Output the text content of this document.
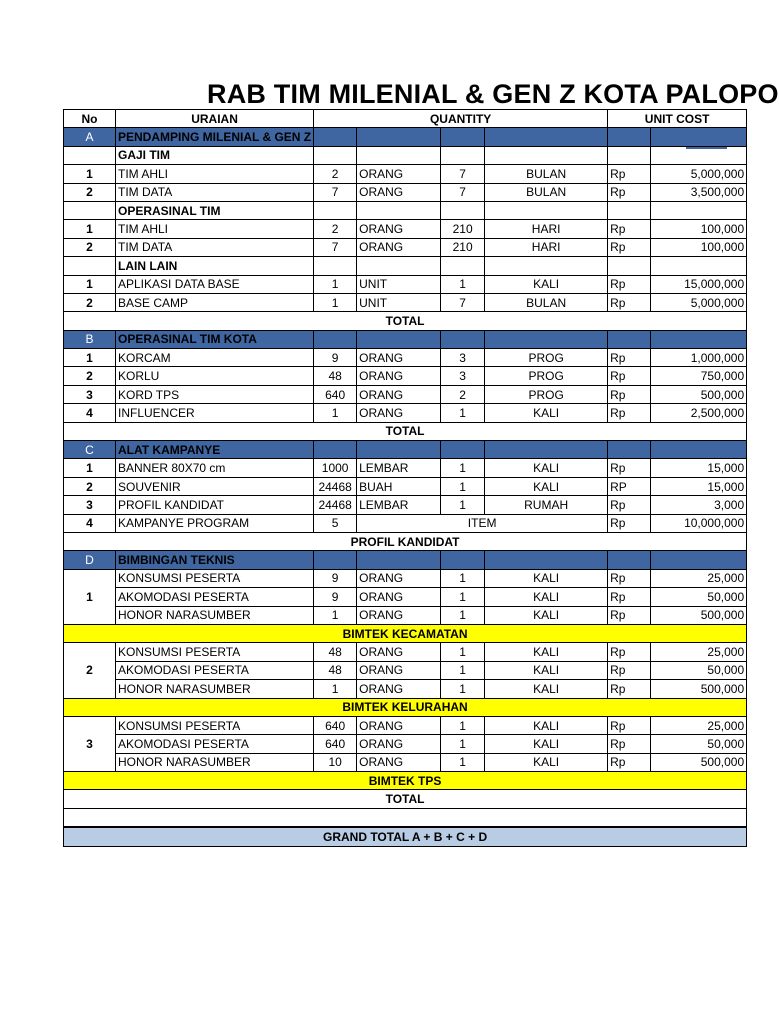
RAB TIM MILENIAL & GEN Z KOTA PALOPO
No	URAIAN	QUANTITY				UNIT COST	
A	PENDAMPING MILENIAL & GEN Z						
	GAJI TIM						
1	TIM AHLI	2	ORANG	7	BULAN	Rp	5,000,000
2	TIM DATA	7	ORANG	7	BULAN	Rp	3,500,000
	OPERASINAL TIM						
1	TIM AHLI	2	ORANG	210	HARI	Rp	100,000
2	TIM DATA	7	ORANG	210	HARI	Rp	100,000
	LAIN LAIN						
1	APLIKASI DATA BASE	1	UNIT	1	KALI	Rp	15,000,000
2	BASE CAMP	1	UNIT	7	BULAN	Rp	5,000,000
TOTAL							
B	OPERASINAL TIM KOTA						
1	KORCAM	9	ORANG	3	PROG	Rp	1,000,000
2	KORLU	48	ORANG	3	PROG	Rp	750,000
3	KORD TPS	640	ORANG	2	PROG	Rp	500,000
4	INFLUENCER	1	ORANG	1	KALI	Rp	2,500,000
TOTAL							
C	ALAT KAMPANYE						
1	BANNER 80X70 cm	1000	LEMBAR	1	KALI	Rp	15,000
2	SOUVENIR	24468	BUAH	1	KALI	RP	15,000
3	PROFIL KANDIDAT	24468	LEMBAR	1	RUMAH	Rp	3,000
4	KAMPANYE PROGRAM	5	ITEM			Rp	10,000,000
PROFIL KANDIDAT							
D	BIMBINGAN TEKNIS						
1	KONSUMSI PESERTA	9	ORANG	1	KALI	Rp	25,000
	AKOMODASI PESERTA	9	ORANG	1	KALI	Rp	50,000
	HONOR NARASUMBER	1	ORANG	1	KALI	Rp	500,000
BIMTEK KECAMATAN							
2	KONSUMSI PESERTA	48	ORANG	1	KALI	Rp	25,000
	AKOMODASI PESERTA	48	ORANG	1	KALI	Rp	50,000
	HONOR NARASUMBER	1	ORANG	1	KALI	Rp	500,000
BIMTEK KELURAHAN							
3	KONSUMSI PESERTA	640	ORANG	1	KALI	Rp	25,000
	AKOMODASI PESERTA	640	ORANG	1	KALI	Rp	50,000
	HONOR NARASUMBER	10	ORANG	1	KALI	Rp	500,000
BIMTEK TPS							
TOTAL							

GRAND TOTAL A + B + C + D							
